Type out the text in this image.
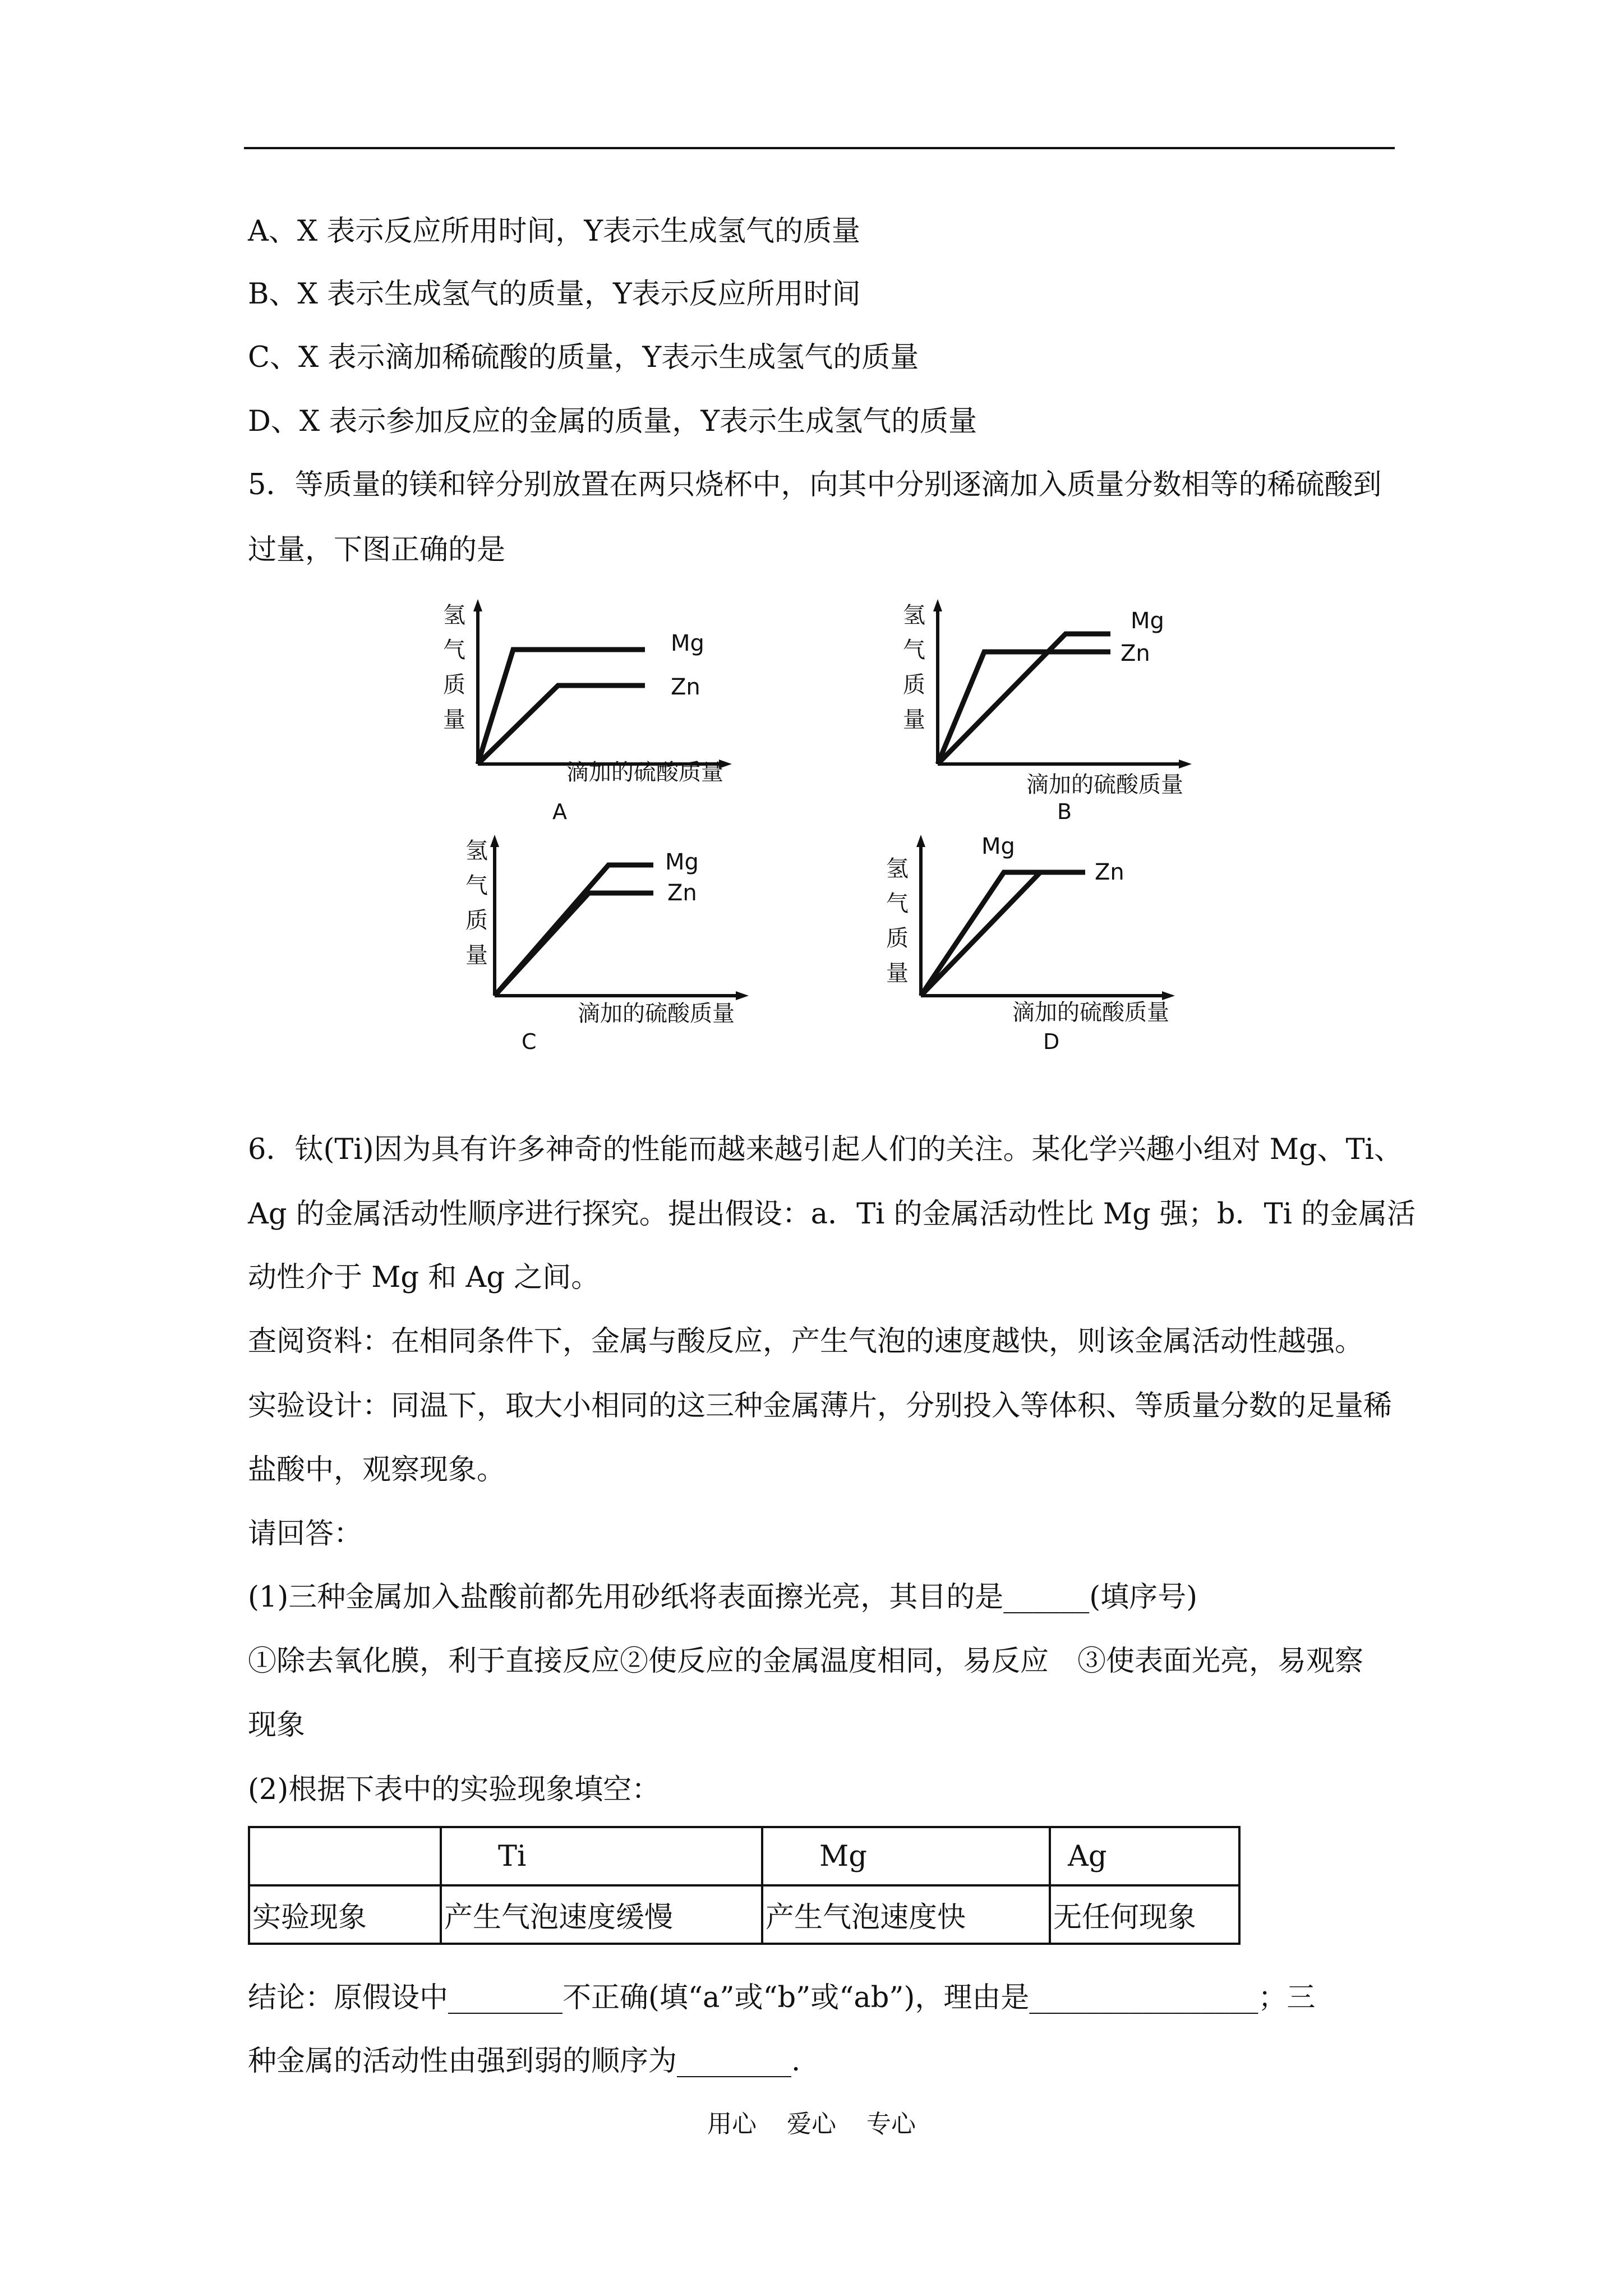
A、X 表示反应所用时间，Y表示生成氢气的质量
B、X 表示生成氢气的质量，Y表示反应所用时间
C、X 表示滴加稀硫酸的质量，Y表示生成氢气的质量
D、X 表示参加反应的金属的质量，Y表示生成氢气的质量
5．等质量的镁和锌分别放置在两只烧杯中，向其中分别逐滴加入质量分数相等的稀硫酸到
过量，下图正确的是
氢
气
质
量
Mg
Zn
滴加的硫酸质量
A
氢
气
质
量
Mg
Zn
滴加的硫酸质量
B
氢
气
质
量
Mg
Zn
滴加的硫酸质量
C
氢
气
质
量
Mg
Zn
滴加的硫酸质量
D
6．钛(Ti)因为具有许多神奇的性能而越来越引起人们的关注。某化学兴趣小组对 Mg、Ti、
Ag 的金属活动性顺序进行探究。提出假设：a．Ti 的金属活动性比 Mg 强；b．Ti 的金属活
动性介于 Mg 和 Ag 之间。
查阅资料：在相同条件下，金属与酸反应，产生气泡的速度越快，则该金属活动性越强。
实验设计：同温下，取大小相同的这三种金属薄片，分别投入等体积、等质量分数的足量稀
盐酸中，观察现象。
请回答：
(1)三种金属加入盐酸前都先用砂纸将表面擦光亮，其目的是______(填序号)
①除去氧化膜，利于直接反应②使反应的金属温度相同，易反应　③使表面光亮，易观察
现象
(2)根据下表中的实验现象填空：
	Ti	Mg	Ag
实验现象	产生气泡速度缓慢	产生气泡速度快	无任何现象
结论：原假设中________不正确(填“a”或“b”或“ab”)，理由是________________；三
种金属的活动性由强到弱的顺序为________.
用心 爱心 专心
